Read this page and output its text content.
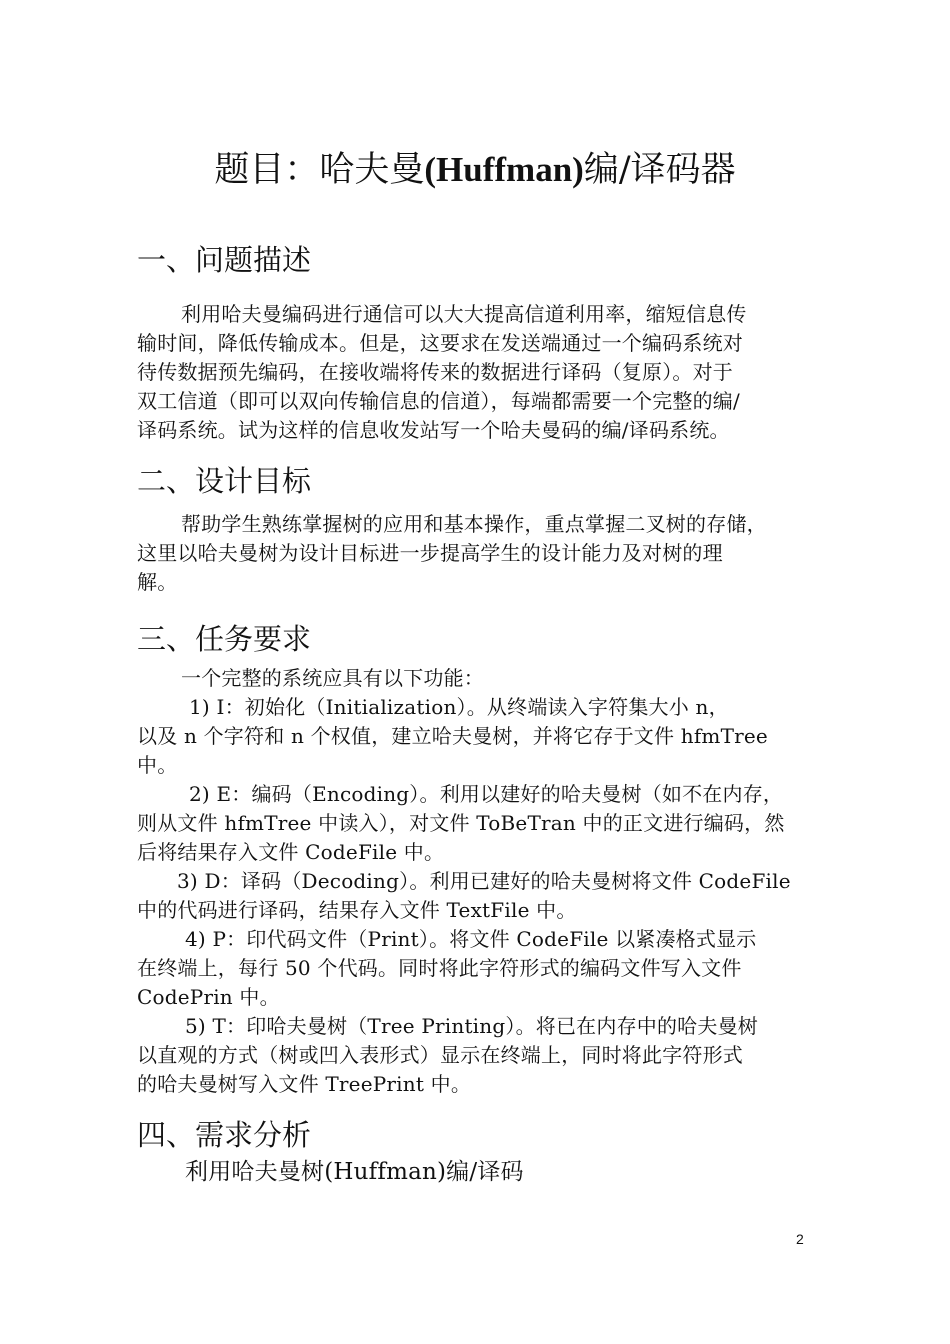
题目：哈夫曼(Huffman)编/译码器
一、问题描述
利用哈夫曼编码进行通信可以大大提高信道利用率，缩短信息传
输时间，降低传输成本。但是，这要求在发送端通过一个编码系统对
待传数据预先编码，在接收端将传来的数据进行译码（复原）。对于
双工信道（即可以双向传输信息的信道），每端都需要一个完整的编/
译码系统。试为这样的信息收发站写一个哈夫曼码的编/译码系统。
二、设计目标
帮助学生熟练掌握树的应用和基本操作，重点掌握二叉树的存储，
这里以哈夫曼树为设计目标进一步提高学生的设计能力及对树的理
解。
三、任务要求
一个完整的系统应具有以下功能：
1) I：初始化（Initialization）。从终端读入字符集大小 n，
以及 n 个字符和 n 个权值，建立哈夫曼树，并将它存于文件 hfmTree
中。
2) E：编码（Encoding）。利用以建好的哈夫曼树（如不在内存，
则从文件 hfmTree 中读入），对文件 ToBeTran 中的正文进行编码，然
后将结果存入文件 CodeFile 中。
3) D：译码（Decoding）。利用已建好的哈夫曼树将文件 CodeFile
中的代码进行译码，结果存入文件 TextFile 中。
4) P：印代码文件（Print）。将文件 CodeFile 以紧凑格式显示
在终端上，每行 50 个代码。同时将此字符形式的编码文件写入文件
CodePrin 中。
5) T：印哈夫曼树（Tree Printing）。将已在内存中的哈夫曼树
以直观的方式（树或凹入表形式）显示在终端上，同时将此字符形式
的哈夫曼树写入文件 TreePrint 中。
四、需求分析
利用哈夫曼树(Huffman)编/译码
2
